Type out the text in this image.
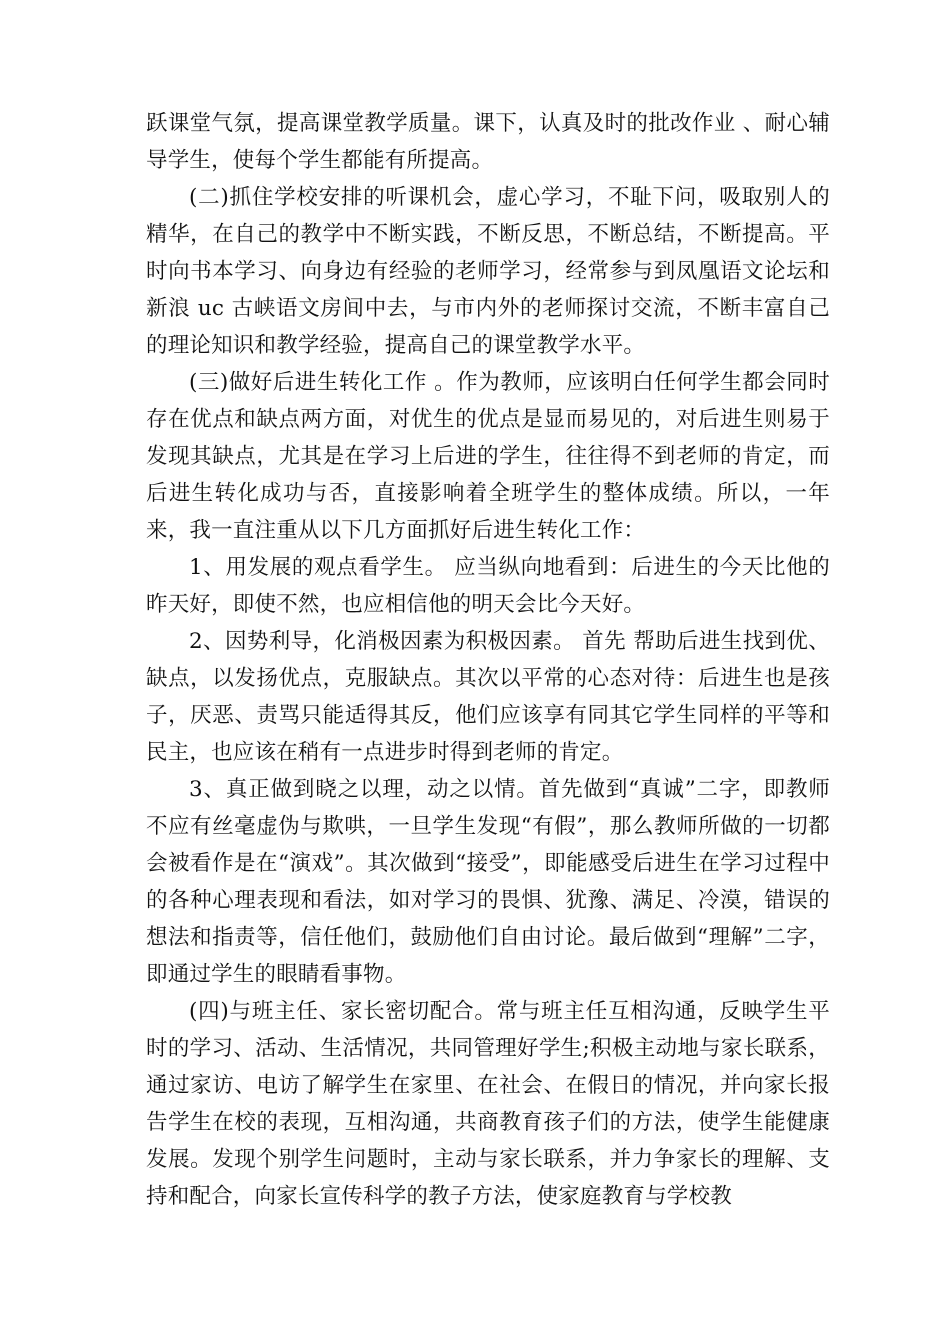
跃课堂气氛，提高课堂教学质量。课下，认真及时的批改作业 、耐心辅导学生，使每个学生都能有所提高。

(二)抓住学校安排的听课机会，虚心学习，不耻下问，吸取别人的精华，在自己的教学中不断实践，不断反思，不断总结，不断提高。平时向书本学习、向身边有经验的老师学习，经常参与到凤凰语文论坛和新浪 uc 古峡语文房间中去，与市内外的老师探讨交流，不断丰富自己的理论知识和教学经验，提高自己的课堂教学水平。

(三)做好后进生转化工作 。作为教师，应该明白任何学生都会同时存在优点和缺点两方面，对优生的优点是显而易见的，对后进生则易于发现其缺点，尤其是在学习上后进的学生，往往得不到老师的肯定，而后进生转化成功与否，直接影响着全班学生的整体成绩。所以，一年来，我一直注重从以下几方面抓好后进生转化工作：

1、用发展的观点看学生。 应当纵向地看到：后进生的今天比他的昨天好，即使不然，也应相信他的明天会比今天好。

2、因势利导，化消极因素为积极因素。 首先 帮助后进生找到优、缺点，以发扬优点，克服缺点。其次以平常的心态对待：后进生也是孩子，厌恶、责骂只能适得其反，他们应该享有同其它学生同样的平等和民主，也应该在稍有一点进步时得到老师的肯定。

3、真正做到晓之以理，动之以情。首先做到“真诚”二字，即教师不应有丝毫虚伪与欺哄，一旦学生发现“有假”，那么教师所做的一切都会被看作是在“演戏”。其次做到“接受”，即能感受后进生在学习过程中的各种心理表现和看法，如对学习的畏惧、犹豫、满足、冷漠，错误的想法和指责等，信任他们，鼓励他们自由讨论。最后做到“理解”二字，即通过学生的眼睛看事物。

(四)与班主任、家长密切配合。常与班主任互相沟通，反映学生平时的学习、活动、生活情况，共同管理好学生;积极主动地与家长联系，通过家访、电访了解学生在家里、在社会、在假日的情况，并向家长报告学生在校的表现，互相沟通，共商教育孩子们的方法，使学生能健康发展。发现个别学生问题时，主动与家长联系，并力争家长的理解、支持和配合，向家长宣传科学的教子方法，使家庭教育与学校教
